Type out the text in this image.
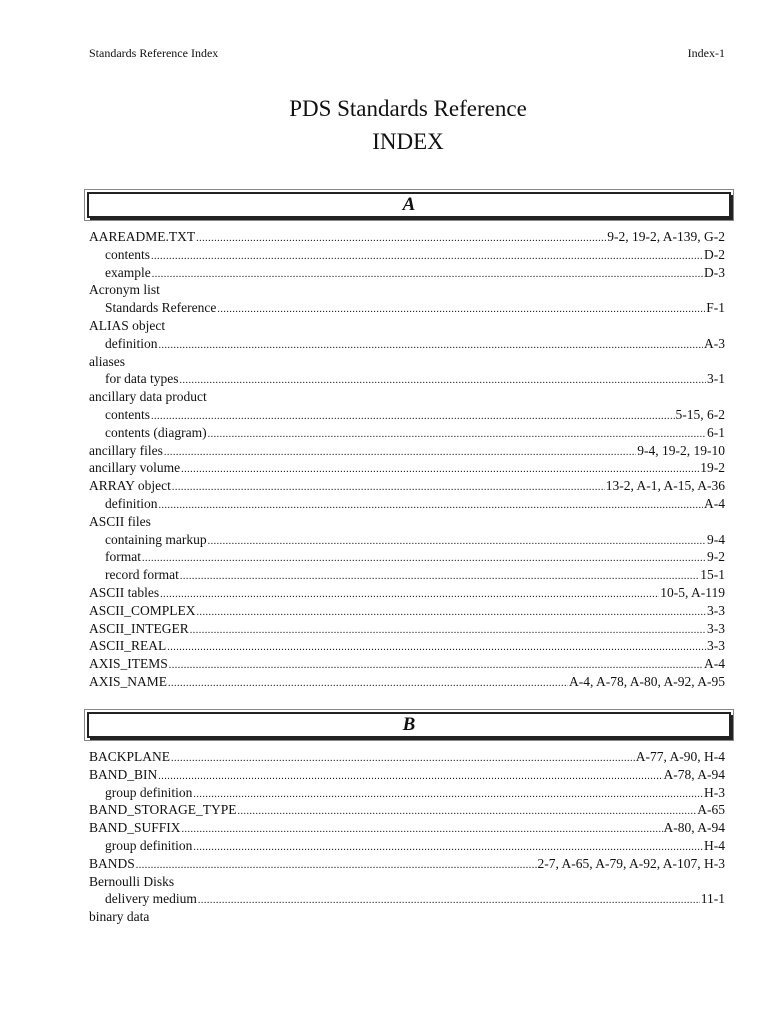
Standards Reference Index	Index-1
PDS Standards Reference
INDEX
A
AAREADME.TXT .....	9-2, 19-2, A-139, G-2
contents .....	D-2
example .....	D-3
Acronym list
Standards Reference .....	F-1
ALIAS object
definition .....	A-3
aliases
for data types .....	3-1
ancillary data product
contents .....	5-15, 6-2
contents (diagram) .....	6-1
ancillary files .....	9-4, 19-2, 19-10
ancillary volume .....	19-2
ARRAY object .....	13-2, A-1, A-15, A-36
definition .....	A-4
ASCII files
containing markup .....	9-4
format .....	9-2
record format .....	15-1
ASCII tables .....	10-5, A-119
ASCII_COMPLEX .....	3-3
ASCII_INTEGER .....	3-3
ASCII_REAL .....	3-3
AXIS_ITEMS .....	A-4
AXIS_NAME .....	A-4, A-78, A-80, A-92, A-95
B
BACKPLANE .....	A-77, A-90, H-4
BAND_BIN .....	A-78, A-94
group definition .....	H-3
BAND_STORAGE_TYPE .....	A-65
BAND_SUFFIX .....	A-80, A-94
group definition .....	H-4
BANDS .....	2-7, A-65, A-79, A-92, A-107, H-3
Bernoulli Disks
delivery medium .....	11-1
binary data
